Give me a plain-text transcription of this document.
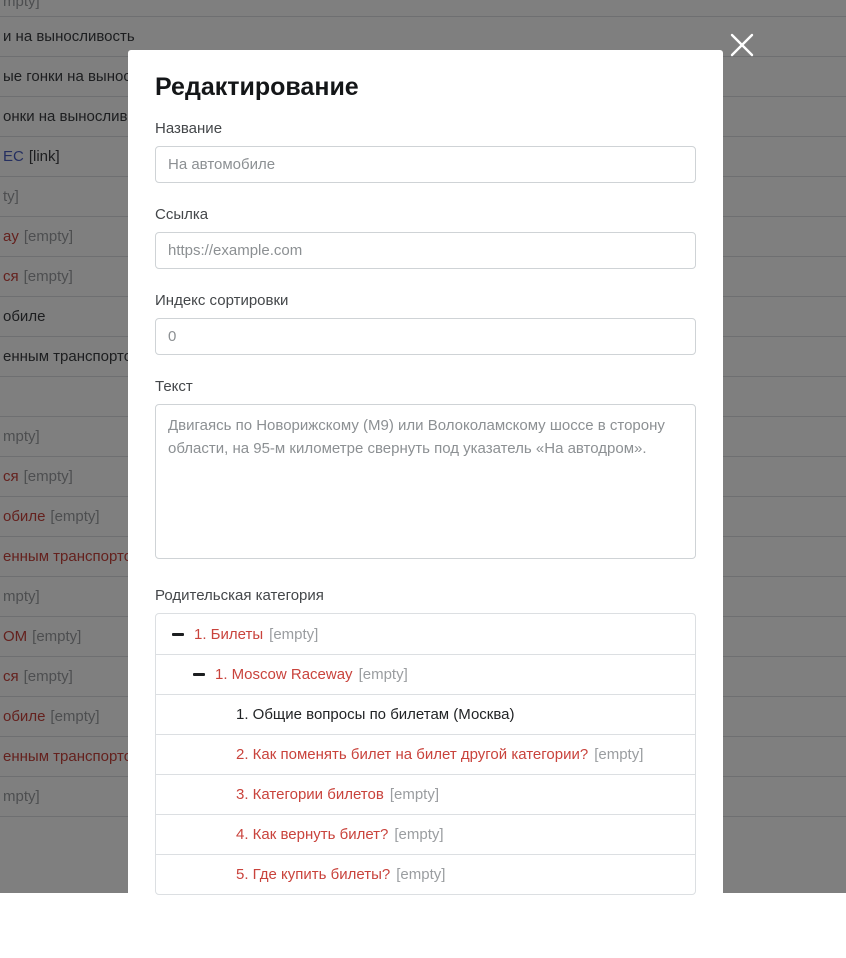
Редактирование
Название
На автомобиле
Ссылка
https://example.com
Индекс сортировки
0
Текст
Двигаясь по Новорижскому (М9) или Волоколамскому шоссе в сторону области, на 95-м километре свернуть под указатель «На автодром».
Родительская категория
1. Билеты [empty]
1. Moscow Raceway [empty]
1. Общие вопросы по билетам (Москва)
2. Как поменять билет на билет другой категории? [empty]
3. Категории билетов [empty]
4. Как вернуть билет? [empty]
5. Где купить билеты? [empty]
